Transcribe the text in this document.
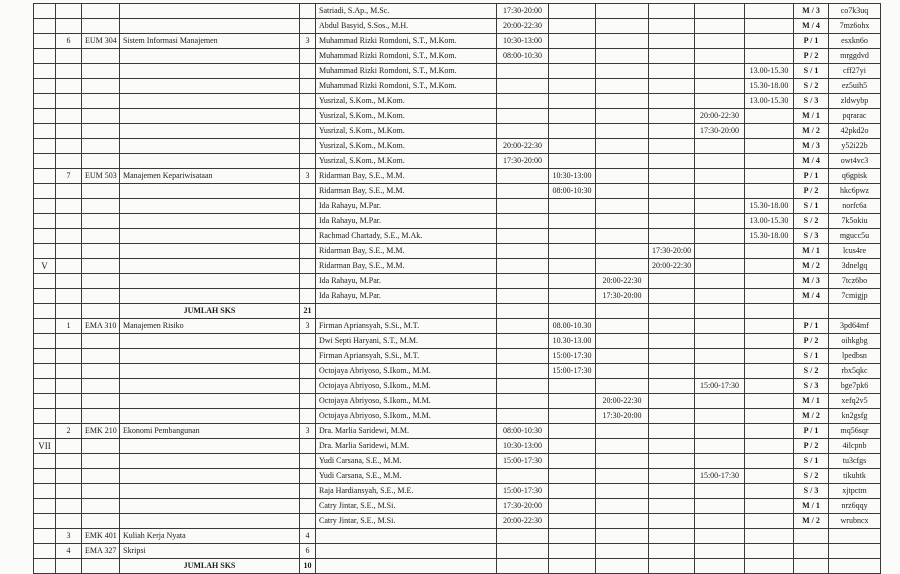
					Satriadi, S.Ap., M.Sc.	17:30-20:00						M / 3	co7k3uq
					Abdul Basyid, S.Sos., M.H.	20:00-22:30						M / 4	7mz6ohx
	6	EUM 304	Sistem Informasi Manajemen	3	Muhammad Rizki Romdoni, S.T., M.Kom.	10:30-13:00						P / 1	esxkn6o
					Muhammad Rizki Romdoni, S.T., M.Kom.	08:00-10:30						P / 2	mrggdvd
					Muhammad Rizki Romdoni, S.T., M.Kom.						13.00-15.30	S / 1	cff27yi
					Muhammad Rizki Romdoni, S.T., M.Kom.						15.30-18.00	S / 2	ez5uih5
					Yusrizal, S.Kom., M.Kom.						13.00-15.30	S / 3	zldwybp
					Yusrizal, S.Kom., M.Kom.					20:00-22:30		M / 1	pqrarac
					Yusrizal, S.Kom., M.Kom.					17:30-20:00		M / 2	42pkd2o
					Yusrizal, S.Kom., M.Kom.	20:00-22:30						M / 3	y52i22b
					Yusrizal, S.Kom., M.Kom.	17:30-20:00						M / 4	owt4vc3
	7	EUM 503	Manajemen Kepariwisataan	3	Ridarman Bay, S.E., M.M.		10:30-13:00					P / 1	q6gpisk
					Ridarman Bay, S.E., M.M.		08:00-10:30					P / 2	hkc6pwz
					Ida Rahayu, M.Par.						15.30-18.00	S / 1	norfc6a
					Ida Rahayu, M.Par.						13.00-15.30	S / 2	7k5okiu
					Rachmad Chartady, S.E., M.Ak.						15.30-18.00	S / 3	mgucc5u
					Ridarman Bay, S.E., M.M.				17:30-20:00			M / 1	lcus4re
V					Ridarman Bay, S.E., M.M.				20:00-22:30			M / 2	3dnelgq
					Ida Rahayu, M.Par.			20:00-22:30				M / 3	7tcz6bo
					Ida Rahayu, M.Par.			17:30-20:00				M / 4	7cmigjp
			JUMLAH SKS	21									
	1	EMA 310	Manajemen Risiko	3	Firman Apriansyah, S.Si., M.T.		08.00-10.30					P / 1	3pd64mf
					Dwi Septi Haryani, S.T., M.M.		10.30-13.00					P / 2	oihkgbg
					Firman Apriansyah, S.Si., M.T.		15:00-17:30					S / 1	lpedbsn
					Octojaya Abriyoso, S.Ikom., M.M.		15:00-17:30					S / 2	rbx5qkc
					Octojaya Abriyoso, S.Ikom., M.M.					15:00-17:30		S / 3	bge7pk6
					Octojaya Abriyoso, S.Ikom., M.M.			20:00-22:30				M / 1	xefq2v5
					Octojaya Abriyoso, S.Ikom., M.M.			17:30-20:00				M / 2	kn2gsfg
	2	EMK 210	Ekonomi Pembangunan	3	Dra. Marlia Saridewi, M.M.	08:00-10:30						P / 1	mq56sqr
VII					Dra. Marlia Saridewi, M.M.	10:30-13:00						P / 2	4ilcpnb
					Yudi Carsana, S.E., M.M.	15:00-17:30						S / 1	tu3cfgs
					Yudi Carsana, S.E., M.M.					15:00-17:30		S / 2	tikuhtk
					Raja Hardiansyah, S.E., M.E.	15:00-17:30						S / 3	xjtpctm
					Catry Jintar, S.E., M.Si.	17:30-20:00						M / 1	nrz6qqy
					Catry Jintar, S.E., M.Si.	20:00-22:30						M / 2	wrubncx
	3	EMK 401	Kuliah Kerja Nyata	4									
	4	EMA 327	Skripsi	6									
			JUMLAH SKS	10									
